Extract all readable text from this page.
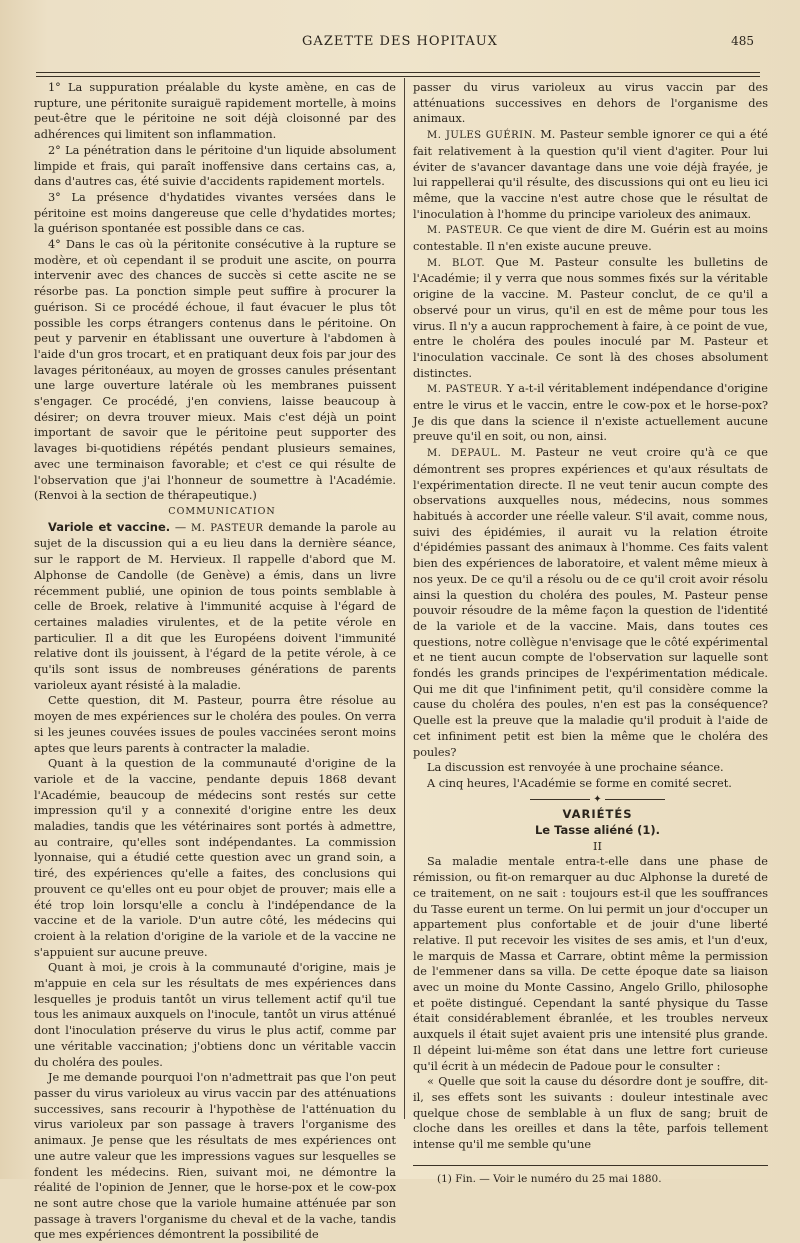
GAZETTE DES HOPITAUX	485

1° La suppuration préalable du kyste amène, en cas de rupture, une péritonite suraiguë rapidement mortelle, à moins peut-être que le péritoine ne soit déjà cloisonné par des adhérences qui limitent son inflammation.

2° La pénétration dans le péritoine d'un liquide absolument limpide et frais, qui paraît inoffensive dans certains cas, a, dans d'autres cas, été suivie d'accidents rapidement mortels.

3° La présence d'hydatides vivantes versées dans le péritoine est moins dangereuse que celle d'hydatides mortes; la guérison spontanée est possible dans ce cas.

4° Dans le cas où la péritonite consécutive à la rupture se modère, et où cependant il se produit une ascite, on pourra intervenir avec des chances de succès si cette ascite ne se résorbe pas. La ponction simple peut suffire à procurer la guérison. Si ce procédé échoue, il faut évacuer le plus tôt possible les corps étrangers contenus dans le péritoine. On peut y parvenir en établissant une ouverture à l'abdomen à l'aide d'un gros trocart, et en pratiquant deux fois par jour des lavages péritonéaux, au moyen de grosses canules présentant une large ouverture latérale où les membranes puissent s'engager. Ce procédé, j'en conviens, laisse beaucoup à désirer; on devra trouver mieux. Mais c'est déjà un point important de savoir que le péritoine peut supporter des lavages bi-quotidiens répétés pendant plusieurs semaines, avec une terminaison favorable; et c'est ce qui résulte de l'observation que j'ai l'honneur de soumettre à l'Académie. (Renvoi à la section de thérapeutique.)

COMMUNICATION

Variole et vaccine. — M. PASTEUR demande la parole au sujet de la discussion qui a eu lieu dans la dernière séance, sur le rapport de M. Hervieux. Il rappelle d'abord que M. Alphonse de Candolle (de Genève) a émis, dans un livre récemment publié, une opinion de tous points semblable à celle de Broek, relative à l'immunité acquise à l'égard de certaines maladies virulentes, et de la petite vérole en particulier. Il a dit que les Européens doivent l'immunité relative dont ils jouissent, à l'égard de la petite vérole, à ce qu'ils sont issus de nombreuses générations de parents varioleux ayant résisté à la maladie.

Cette question, dit M. Pasteur, pourra être résolue au moyen de mes expériences sur le choléra des poules. On verra si les jeunes couvées issues de poules vaccinées seront moins aptes que leurs parents à contracter la maladie.

Quant à la question de la communauté d'origine de la variole et de la vaccine, pendante depuis 1868 devant l'Académie, beaucoup de médecins sont restés sur cette impression qu'il y a connexité d'origine entre les deux maladies, tandis que les vétérinaires sont portés à admettre, au contraire, qu'elles sont indépendantes. La commission lyonnaise, qui a étudié cette question avec un grand soin, a tiré, des expériences qu'elle a faites, des conclusions qui prouvent ce qu'elles ont eu pour objet de prouver; mais elle a été trop loin lorsqu'elle a conclu à l'indépendance de la vaccine et de la variole. D'un autre côté, les médecins qui croient à la relation d'origine de la variole et de la vaccine ne s'appuient sur aucune preuve.

Quant à moi, je crois à la communauté d'origine, mais je m'appuie en cela sur les résultats de mes expériences dans lesquelles je produis tantôt un virus tellement actif qu'il tue tous les animaux auxquels on l'inocule, tantôt un virus atténué dont l'inoculation préserve du virus le plus actif, comme par une véritable vaccination; j'obtiens donc un véritable vaccin du choléra des poules.

Je me demande pourquoi l'on n'admettrait pas que l'on peut passer du virus varioleux au virus vaccin par des atténuations successives, sans recourir à l'hypothèse de l'atténuation du virus varioleux par son passage à travers l'organisme des animaux. Je pense que les résultats de mes expériences ont une autre valeur que les impressions vagues sur lesquelles se fondent les médecins. Rien, suivant moi, ne démontre la réalité de l'opinion de Jenner, que le horse-pox et le cow-pox ne sont autre chose que la variole humaine atténuée par son passage à travers l'organisme du cheval et de la vache, tandis que mes expériences démontrent la possibilité de

passer du virus varioleux au virus vaccin par des atténuations successives en dehors de l'organisme des animaux.

M. JULES GUÉRIN. M. Pasteur semble ignorer ce qui a été fait relativement à la question qu'il vient d'agiter. Pour lui éviter de s'avancer davantage dans une voie déjà frayée, je lui rappellerai qu'il résulte, des discussions qui ont eu lieu ici même, que la vaccine n'est autre chose que le résultat de l'inoculation à l'homme du principe varioleux des animaux.

M. PASTEUR. Ce que vient de dire M. Guérin est au moins contestable. Il n'en existe aucune preuve.

M. BLOT. Que M. Pasteur consulte les bulletins de l'Académie; il y verra que nous sommes fixés sur la véritable origine de la vaccine. M. Pasteur conclut, de ce qu'il a observé pour un virus, qu'il en est de même pour tous les virus. Il n'y a aucun rapprochement à faire, à ce point de vue, entre le choléra des poules inoculé par M. Pasteur et l'inoculation vaccinale. Ce sont là des choses absolument distinctes.

M. PASTEUR. Y a-t-il véritablement indépendance d'origine entre le virus et le vaccin, entre le cow-pox et le horse-pox? Je dis que dans la science il n'existe actuellement aucune preuve qu'il en soit, ou non, ainsi.

M. DEPAUL. M. Pasteur ne veut croire qu'à ce que démontrent ses propres expériences et qu'aux résultats de l'expérimentation directe. Il ne veut tenir aucun compte des observations auxquelles nous, médecins, nous sommes habitués à accorder une réelle valeur. S'il avait, comme nous, suivi des épidémies, il aurait vu la relation étroite d'épidémies passant des animaux à l'homme. Ces faits valent bien des expériences de laboratoire, et valent même mieux à nos yeux. De ce qu'il a résolu ou de ce qu'il croit avoir résolu ainsi la question du choléra des poules, M. Pasteur pense pouvoir résoudre de la même façon la question de l'identité de la variole et de la vaccine. Mais, dans toutes ces questions, notre collègue n'envisage que le côté expérimental et ne tient aucun compte de l'observation sur laquelle sont fondés les grands principes de l'expérimentation médicale. Qui me dit que l'infiniment petit, qu'il considère comme la cause du choléra des poules, n'en est pas la conséquence? Quelle est la preuve que la maladie qu'il produit à l'aide de cet infiniment petit est bien la même que le choléra des poules?

La discussion est renvoyée à une prochaine séance.

A cinq heures, l'Académie se forme en comité secret.

✦

VARIÉTÉS

Le Tasse aliéné (1).

II

Sa maladie mentale entra-t-elle dans une phase de rémission, ou fit-on remarquer au duc Alphonse la dureté de ce traitement, on ne sait : toujours est-il que les souffrances du Tasse eurent un terme. On lui permit un jour d'occuper un appartement plus confortable et de jouir d'une liberté relative. Il put recevoir les visites de ses amis, et l'un d'eux, le marquis de Massa et Carrare, obtint même la permission de l'emmener dans sa villa. De cette époque date sa liaison avec un moine du Monte Cassino, Angelo Grillo, philosophe et poëte distingué. Cependant la santé physique du Tasse était considérablement ébranlée, et les troubles nerveux auxquels il était sujet avaient pris une intensité plus grande. Il dépeint lui-même son état dans une lettre fort curieuse qu'il écrit à un médecin de Padoue pour le consulter :

« Quelle que soit la cause du désordre dont je souffre, dit-il, ses effets sont les suivants : douleur intestinale avec quelque chose de semblable à un flux de sang; bruit de cloche dans les oreilles et dans la tête, parfois tellement intense qu'il me semble qu'une

(1) Fin. — Voir le numéro du 25 mai 1880.
